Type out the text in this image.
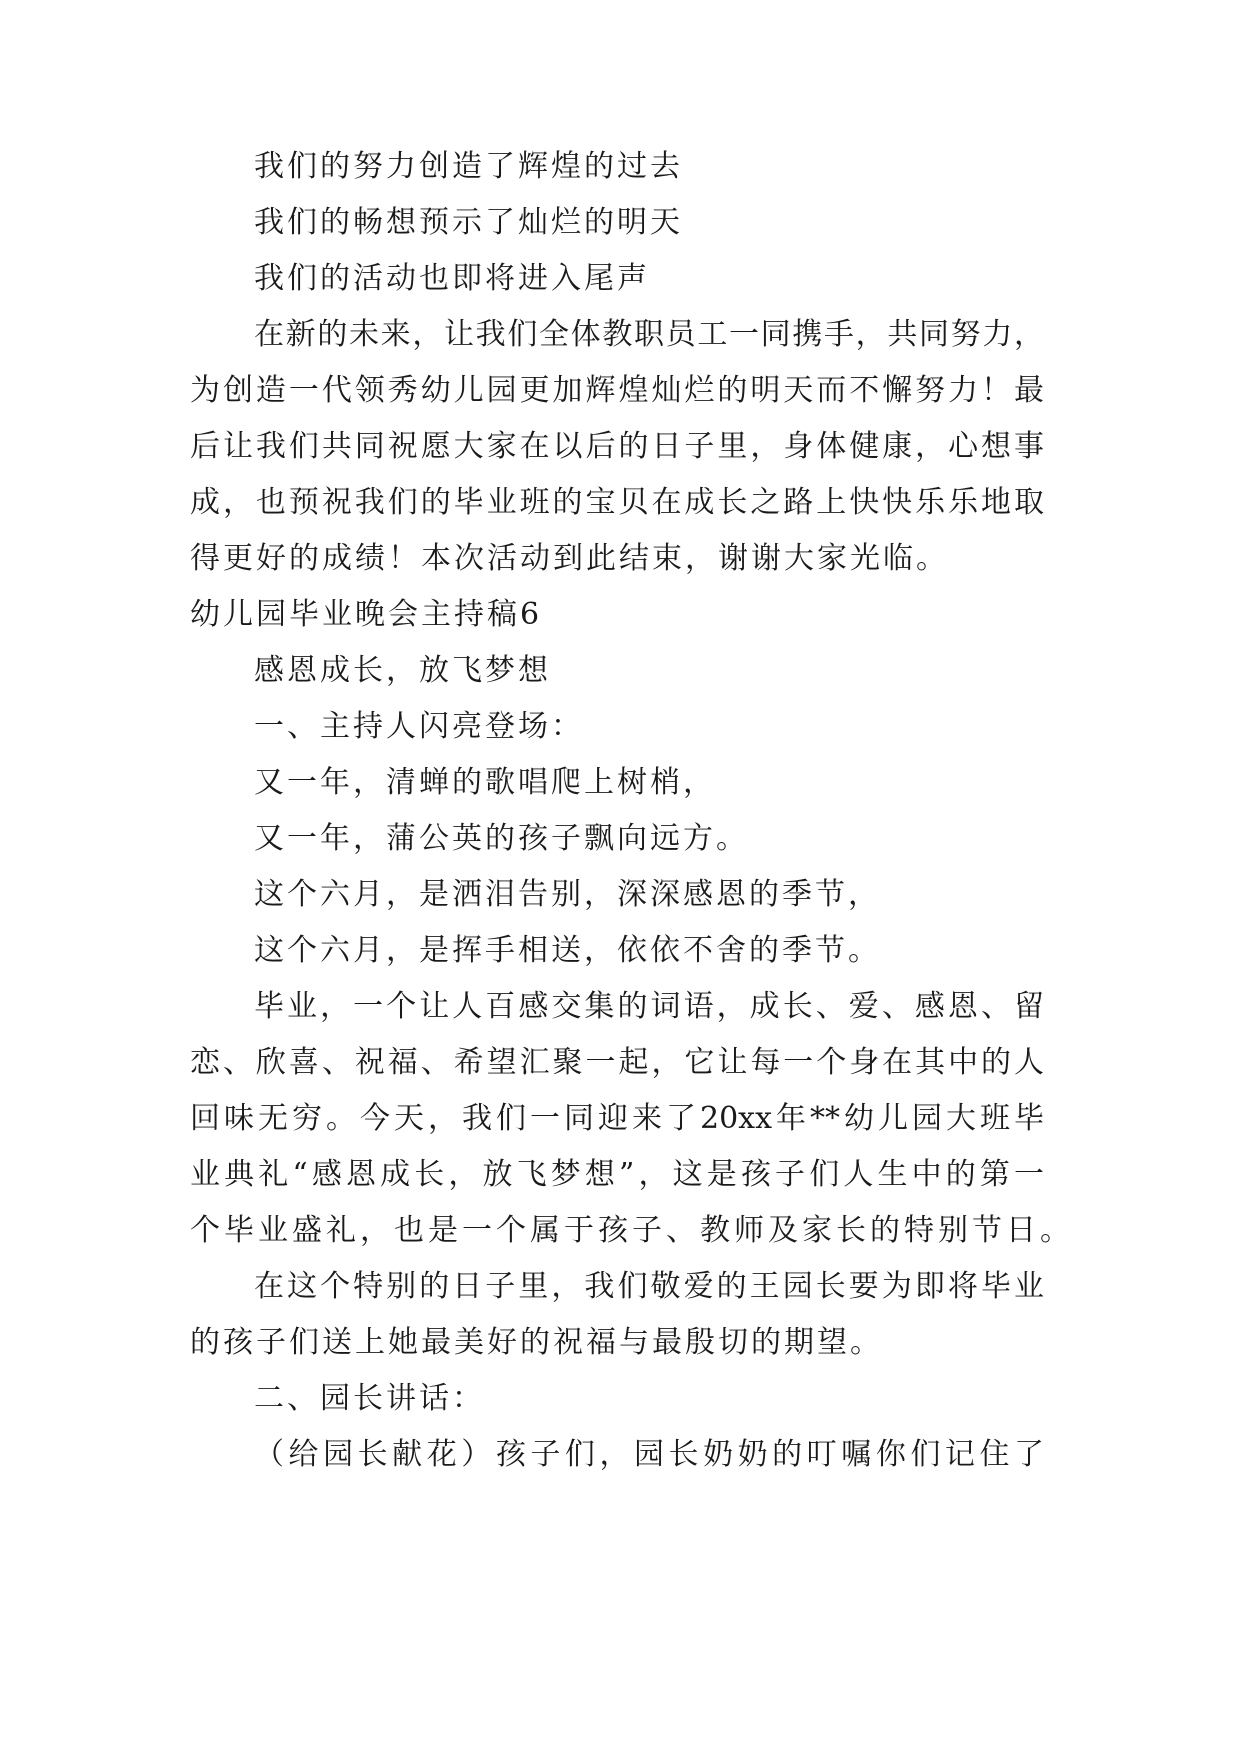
我们的努力创造了辉煌的过去
我们的畅想预示了灿烂的明天
我们的活动也即将进入尾声
在新的未来，让我们全体教职员工一同携手，共同努力，
为创造一代领秀幼儿园更加辉煌灿烂的明天而不懈努力！最
后让我们共同祝愿大家在以后的日子里，身体健康，心想事
成，也预祝我们的毕业班的宝贝在成长之路上快快乐乐地取
得更好的成绩！本次活动到此结束，谢谢大家光临。
幼儿园毕业晚会主持稿6
感恩成长，放飞梦想
一、主持人闪亮登场：
又一年，清蝉的歌唱爬上树梢，
又一年，蒲公英的孩子飘向远方。
这个六月，是洒泪告别，深深感恩的季节，
这个六月，是挥手相送，依依不舍的季节。
毕业，一个让人百感交集的词语，成长、爱、感恩、留
恋、欣喜、祝福、希望汇聚一起，它让每一个身在其中的人
回味无穷。今天，我们一同迎来了20xx年**幼儿园大班毕
业典礼“感恩成长，放飞梦想”，这是孩子们人生中的第一
个毕业盛礼，也是一个属于孩子、教师及家长的特别节日。
在这个特别的日子里，我们敬爱的王园长要为即将毕业
的孩子们送上她最美好的祝福与最殷切的期望。
二、园长讲话：
（给园长献花）孩子们，园长奶奶的叮嘱你们记住了
